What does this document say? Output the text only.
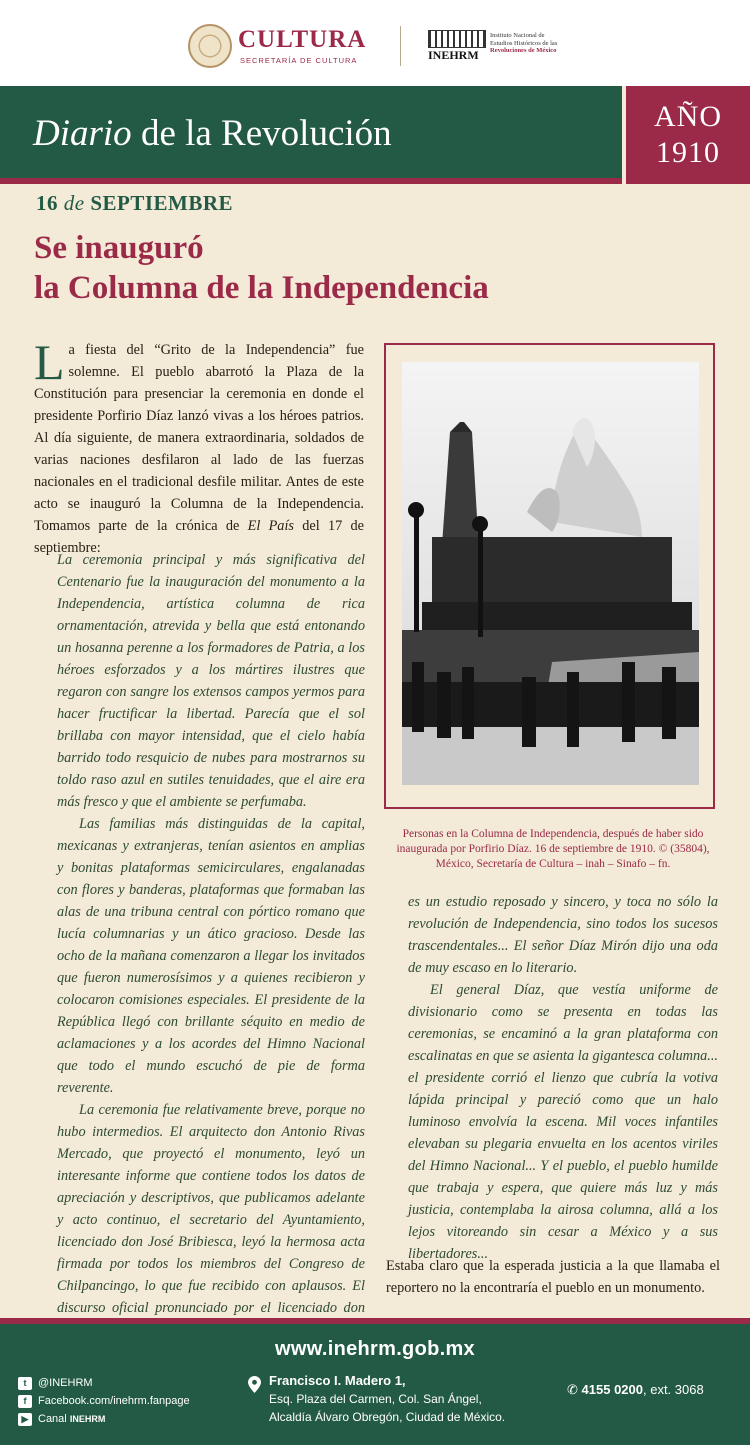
CULTURA
SECRETARÍA DE CULTURA	INEHRM
Instituto Nacional de
Estudios Históricos de las
Revoluciones de México
Diario de la Revolución	AÑO
1910
16 de SEPTIEMBRE
Se inauguró
la Columna de la Independencia
La fiesta del “Grito de la Independencia” fue solemne. El pueblo abarrotó la Plaza de la Constitución para presenciar la ceremonia en donde el presidente Porfirio Díaz lanzó vivas a los héroes patrios. Al día siguiente, de manera extraordinaria, soldados de varias naciones desfilaron al lado de las fuerzas nacionales en el tradicional desfile militar. Antes de este acto se inauguró la Columna de la Independencia. Tomamos parte de la crónica de El País del 17 de septiembre:

La ceremonia principal y más significativa del Centenario fue la inauguración del monumento a la Independencia, artística columna de rica ornamentación, atrevida y bella que está entonando un hosanna perenne a los formadores de Patria, a los héroes esforzados y a los mártires ilustres que regaron con sangre los extensos campos yermos para hacer fructificar la libertad. Parecía que el sol brillaba con mayor intensidad, que el cielo había barrido todo resquicio de nubes para mostrarnos su toldo raso azul en sutiles tenuidades, que el aire era más fresco y que el ambiente se perfumaba.

Las familias más distinguidas de la capital, mexicanas y extranjeras, tenían asientos en amplias y bonitas plataformas semicirculares, engalanadas con flores y banderas, plataformas que formaban las alas de una tribuna central con pórtico romano que lucía columnarias y un ático gracioso. Desde las ocho de la mañana comenzaron a llegar los invitados que fueron numerosísimos y a quienes recibieron y colocaron comisiones especiales. El presidente de la República llegó con brillante séquito en medio de aclamaciones y a los acordes del Himno Nacional que todo el mundo escuchó de pie de forma reverente.

La ceremonia fue relativamente breve, porque no hubo intermedios. El arquitecto don Antonio Rivas Mercado, que proyectó el monumento, leyó un interesante informe que contiene todos los datos de apreciación y descriptivos, que publicamos adelante y acto continuo, el secretario del Ayuntamiento, licenciado don José Bribiesca, leyó la hermosa acta firmada por todos los miembros del Congreso de Chilpancingo, lo que fue recibido con aplausos. El discurso oficial pronunciado por el licenciado don

Personas en la Columna de Independencia, después de haber sido
inaugurada por Porfirio Díaz. 16 de septiembre de 1910. © (35804),
México, Secretaría de Cultura – inah – Sinafo – fn.

es un estudio reposado y sincero, y toca no sólo la revolución de Independencia, sino todos los sucesos trascendentales... El señor Díaz Mirón dijo una oda de muy escaso en lo literario.

El general Díaz, que vestía uniforme de divisionario como se presenta en todas las ceremonias, se encaminó a la gran plataforma con escalinatas en que se asienta la gigantesca columna... el presidente corrió el lienzo que cubría la votiva lápida principal y pareció como que un halo luminoso envolvía la escena. Mil voces infantiles elevaban su plegaria envuelta en los acentos viriles del Himno Nacional... Y el pueblo, el pueblo humilde que trabaja y espera, que quiere más luz y más justicia, contemplaba la airosa columna, allá a los lejos vitoreando sin cesar a México y a sus libertadores...

Estaba claro que la esperada justicia a la que llamaba el reportero no la encontraría el pueblo en un monumento.
www.inehrm.gob.mx
t	@INEHRM
f	Facebook.com/inehrm.fanpage
▶ Canal
INEHRM
Francisco I. Madero 1,
Esq. Plaza del Carmen, Col. San Ángel,
Alcaldía Álvaro Obregón, Ciudad de México.
✆ 4155 0200, ext. 3068
